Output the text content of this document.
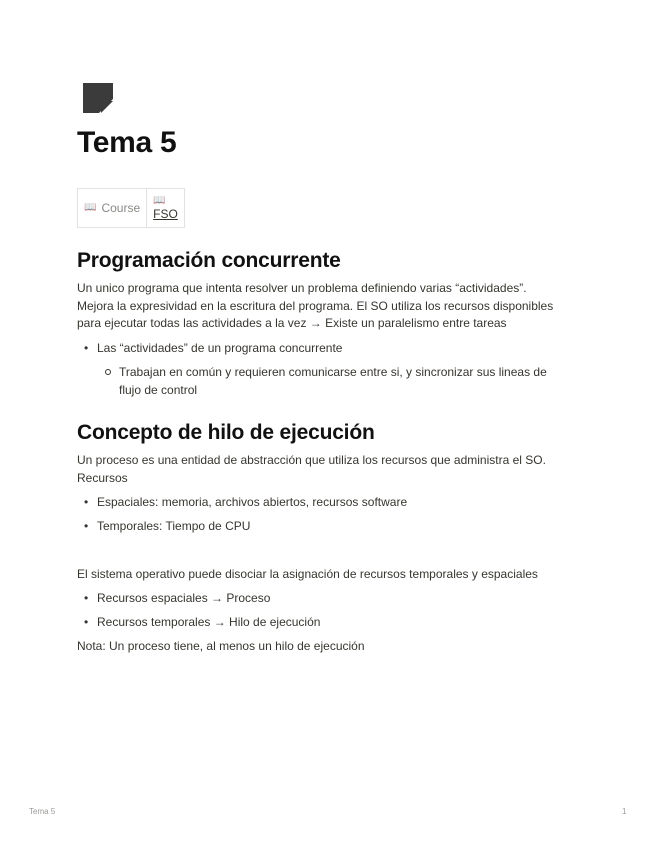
Tema 5
📖 Course
📖
FSO
Programación concurrente
Un unico programa que intenta resolver un problema definiendo varias “actividades”.
Mejora la expresividad en la escritura del programa. El SO utiliza los recursos disponibles
para ejecutar todas las actividades a la vez → Existe un paralelismo entre tareas
• Las “actividades” de un programa concurrente
Trabajan en común y requieren comunicarse entre si, y sincronizar sus lineas de
flujo de control
Concepto de hilo de ejecución
Un proceso es una entidad de abstracción que utiliza los recursos que administra el SO.
Recursos
• Espaciales: memoria, archivos abiertos, recursos software
• Temporales: Tiempo de CPU
El sistema operativo puede disociar la asignación de recursos temporales y espaciales
• Recursos espaciales → Proceso
• Recursos temporales → Hilo de ejecución
Nota: Un proceso tiene, al menos un hilo de ejecución
Tema 5	1
